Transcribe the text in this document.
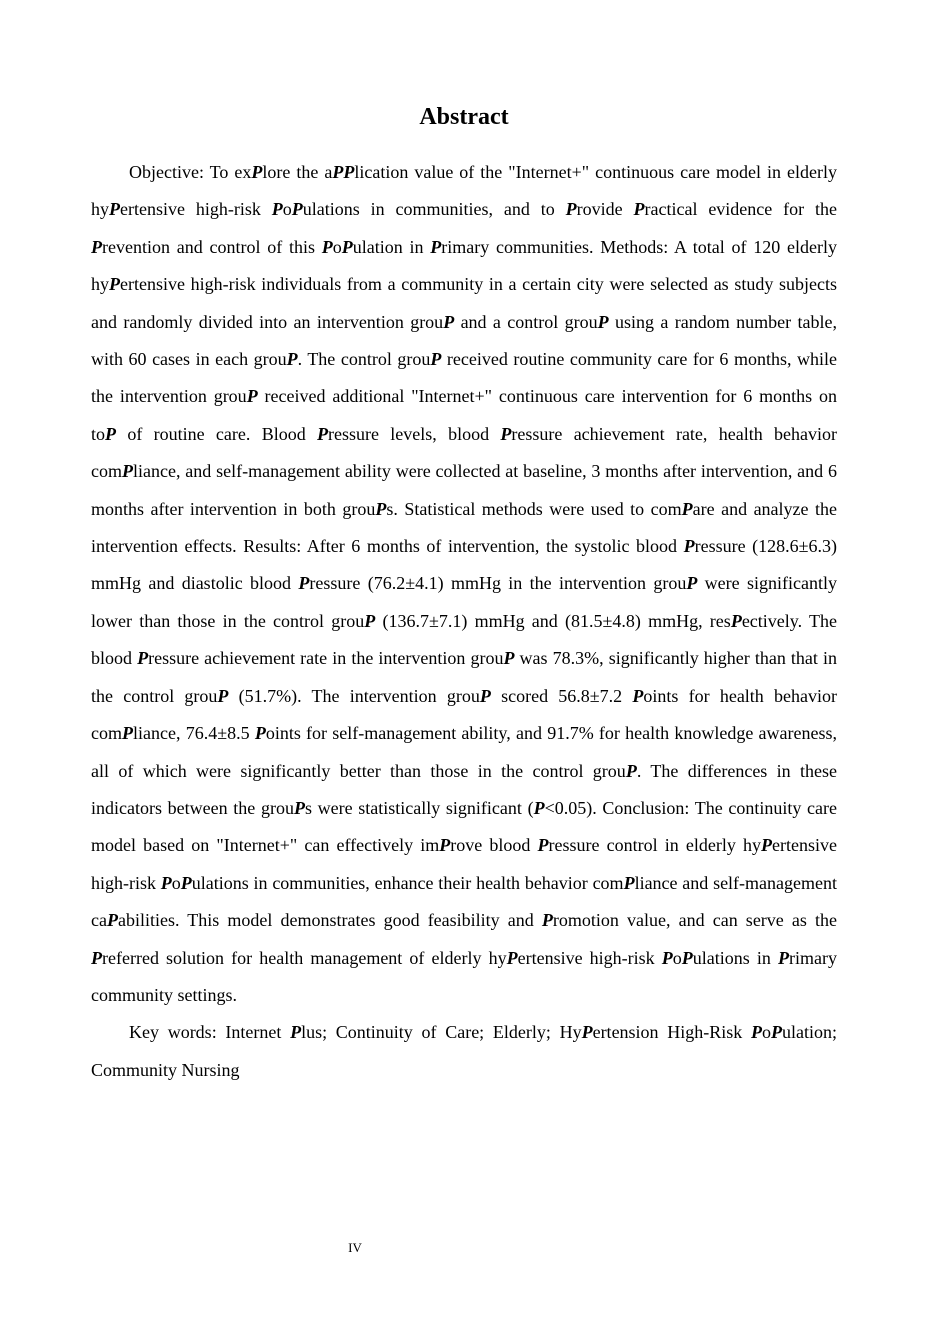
Abstract

Objective: To exPlore the aPPlication value of the "Internet+" continuous care model in elderly hyPertensive high-risk PoPulations in communities, and to Provide Practical evidence for the Prevention and control of this PoPulation in Primary communities. Methods: A total of 120 elderly hyPertensive high-risk individuals from a community in a certain city were selected as study subjects and randomly divided into an intervention grouP and a control grouP using a random number table, with 60 cases in each grouP. The control grouP received routine community care for 6 months, while the intervention grouP received additional "Internet+" continuous care intervention for 6 months on toP of routine care. Blood Pressure levels, blood Pressure achievement rate, health behavior comPliance, and self-management ability were collected at baseline, 3 months after intervention, and 6 months after intervention in both grouPs. Statistical methods were used to comPare and analyze the intervention effects. Results: After 6 months of intervention, the systolic blood Pressure (128.6±6.3) mmHg and diastolic blood Pressure (76.2±4.1) mmHg in the intervention grouP were significantly lower than those in the control grouP (136.7±7.1) mmHg and (81.5±4.8) mmHg, resPectively. The blood Pressure achievement rate in the intervention grouP was 78.3%, significantly higher than that in the control grouP (51.7%). The intervention grouP scored 56.8±7.2 Points for health behavior comPliance, 76.4±8.5 Points for self-management ability, and 91.7% for health knowledge awareness, all of which were significantly better than those in the control grouP. The differences in these indicators between the grouPs were statistically significant (P<0.05). Conclusion: The continuity care model based on "Internet+" can effectively imProve blood Pressure control in elderly hyPertensive high-risk PoPulations in communities, enhance their health behavior comPliance and self-management caPabilities. This model demonstrates good feasibility and Promotion value, and can serve as the Preferred solution for health management of elderly hyPertensive high-risk PoPulations in Primary community settings.

Key words: Internet Plus; Continuity of Care; Elderly; HyPertension High-Risk PoPulation; Community Nursing

IV
